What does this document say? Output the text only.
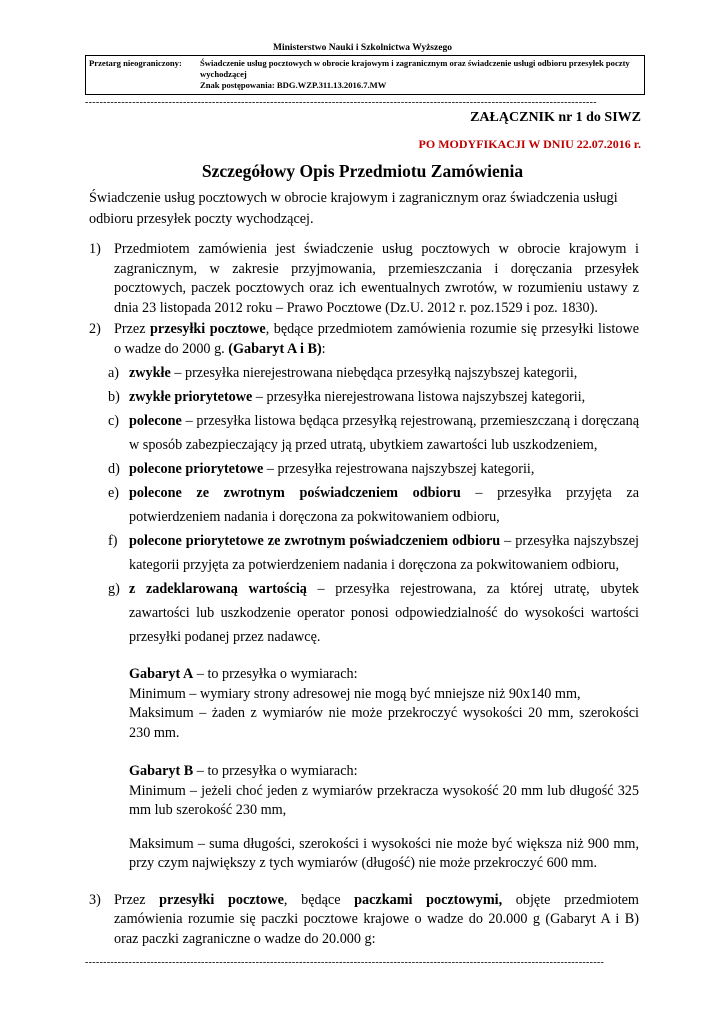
Ministerstwo Nauki i Szkolnictwa Wyższego
Przetarg nieograniczony: Świadczenie usług pocztowych w obrocie krajowym i zagranicznym oraz świadczenie usługi odbioru przesyłek poczty wychodzącej
Znak postępowania: BDG.WZP.311.13.2016.7.MW
---------------------------------------------------------------------------------------------------------------------------------------------
ZAŁĄCZNIK nr 1 do SIWZ
PO MODYFIKACJI W DNIU 22.07.2016 r.
Szczegółowy Opis Przedmiotu Zamówienia

Świadczenie usług pocztowych w obrocie krajowym i zagranicznym oraz świadczenia usługi odbioru przesyłek poczty wychodzącej.

1) Przedmiotem zamówienia jest świadczenie usług pocztowych w obrocie krajowym i zagranicznym, w zakresie przyjmowania, przemieszczania i doręczania przesyłek pocztowych, paczek pocztowych oraz ich ewentualnych zwrotów, w rozumieniu ustawy z dnia 23 listopada 2012 roku – Prawo Pocztowe (Dz.U. 2012 r. poz.1529 i poz. 1830).
2) Przez przesyłki pocztowe, będące przedmiotem zamówienia rozumie się przesyłki listowe o wadze do 2000 g. (Gabaryt A i B):
a) zwykłe – przesyłka nierejestrowana niebędąca przesyłką najszybszej kategorii,
b) zwykłe priorytetowe – przesyłka nierejestrowana listowa najszybszej kategorii,
c) polecone – przesyłka listowa będąca przesyłką rejestrowaną, przemieszczaną i doręczaną w sposób zabezpieczający ją przed utratą, ubytkiem zawartości lub uszkodzeniem,
d) polecone priorytetowe – przesyłka rejestrowana najszybszej kategorii,
e) polecone ze zwrotnym poświadczeniem odbioru – przesyłka przyjęta za potwierdzeniem nadania i doręczona za pokwitowaniem odbioru,
f) polecone priorytetowe ze zwrotnym poświadczeniem odbioru – przesyłka najszybszej kategorii przyjęta za potwierdzeniem nadania i doręczona za pokwitowaniem odbioru,
g) z zadeklarowaną wartością – przesyłka rejestrowana, za której utratę, ubytek zawartości lub uszkodzenie operator ponosi odpowiedzialność do wysokości wartości przesyłki podanej przez nadawcę.
Gabaryt A – to przesyłka o wymiarach:
Minimum – wymiary strony adresowej nie mogą być mniejsze niż 90x140 mm,
Maksimum – żaden z wymiarów nie może przekroczyć wysokości 20 mm, szerokości 230 mm.
Gabaryt B – to przesyłka o wymiarach:
Minimum – jeżeli choć jeden z wymiarów przekracza wysokość 20 mm lub długość 325 mm lub szerokość 230 mm,
Maksimum – suma długości, szerokości i wysokości nie może być większa niż 900 mm, przy czym największy z tych wymiarów (długość) nie może przekroczyć 600 mm.
3) Przez przesyłki pocztowe, będące paczkami pocztowymi, objęte przedmiotem zamówienia rozumie się paczki pocztowe krajowe o wadze do 20.000 g (Gabaryt A i B) oraz paczki zagraniczne o wadze do 20.000 g:
-----------------------------------------------------------------------------------------------------------------------------------------------
